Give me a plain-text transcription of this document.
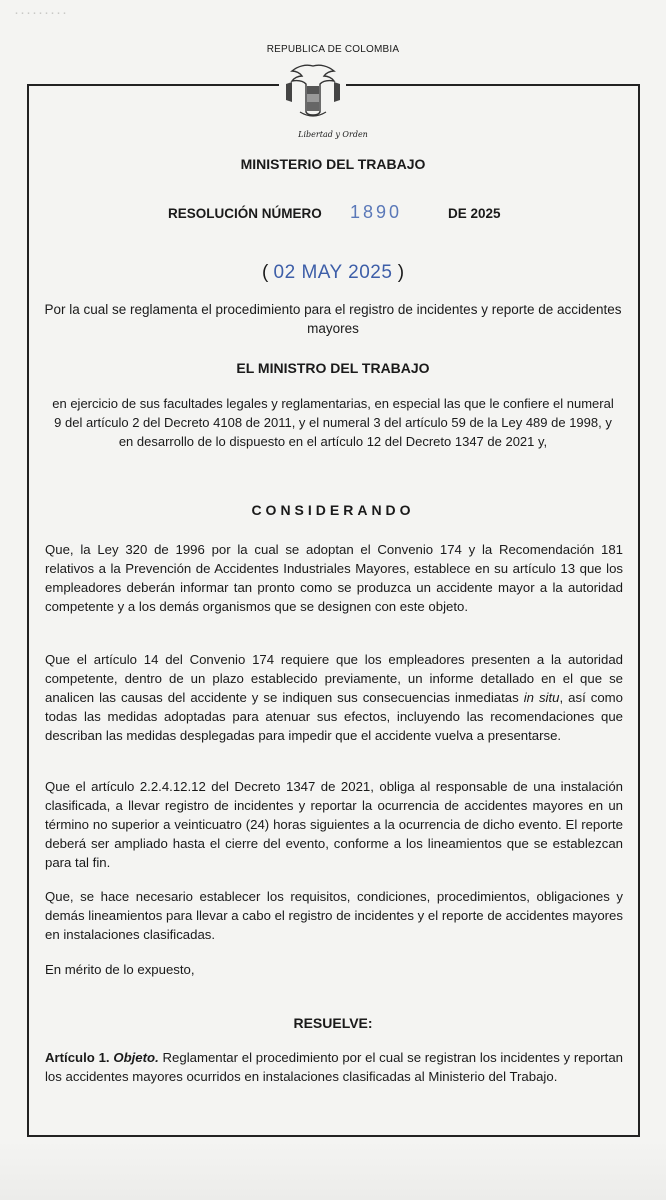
·········
REPUBLICA DE COLOMBIA
Libertad y Orden
MINISTERIO DEL TRABAJO
RESOLUCIÓN NÚMERO 1890	DE 2025
( 02 MAY 2025 )
Por la cual se reglamenta el procedimiento para el registro de incidentes y reporte de accidentes mayores
EL MINISTRO DEL TRABAJO
en ejercicio de sus facultades legales y reglamentarias, en especial las que le confiere el numeral 9 del artículo 2 del Decreto 4108 de 2011, y el numeral 3 del artículo 59 de la Ley 489 de 1998, y en desarrollo de lo dispuesto en el artículo 12 del Decreto 1347 de 2021 y,
CONSIDERANDO
Que, la Ley 320 de 1996 por la cual se adoptan el Convenio 174 y la Recomendación 181 relativos a la Prevención de Accidentes Industriales Mayores, establece en su artículo 13 que los empleadores deberán informar tan pronto como se produzca un accidente mayor a la autoridad competente y a los demás organismos que se designen con este objeto.
Que el artículo 14 del Convenio 174 requiere que los empleadores presenten a la autoridad competente, dentro de un plazo establecido previamente, un informe detallado en el que se analicen las causas del accidente y se indiquen sus consecuencias inmediatas in situ, así como todas las medidas adoptadas para atenuar sus efectos, incluyendo las recomendaciones que describan las medidas desplegadas para impedir que el accidente vuelva a presentarse.
Que el artículo 2.2.4.12.12 del Decreto 1347 de 2021, obliga al responsable de una instalación clasificada, a llevar registro de incidentes y reportar la ocurrencia de accidentes mayores en un término no superior a veinticuatro (24) horas siguientes a la ocurrencia de dicho evento. El reporte deberá ser ampliado hasta el cierre del evento, conforme a los lineamientos que se establezcan para tal fin.
Que, se hace necesario establecer los requisitos, condiciones, procedimientos, obligaciones y demás lineamientos para llevar a cabo el registro de incidentes y el reporte de accidentes mayores en instalaciones clasificadas.
En mérito de lo expuesto,
RESUELVE:
Artículo 1. Objeto. Reglamentar el procedimiento por el cual se registran los incidentes y reportan los accidentes mayores ocurridos en instalaciones clasificadas al Ministerio del Trabajo.
